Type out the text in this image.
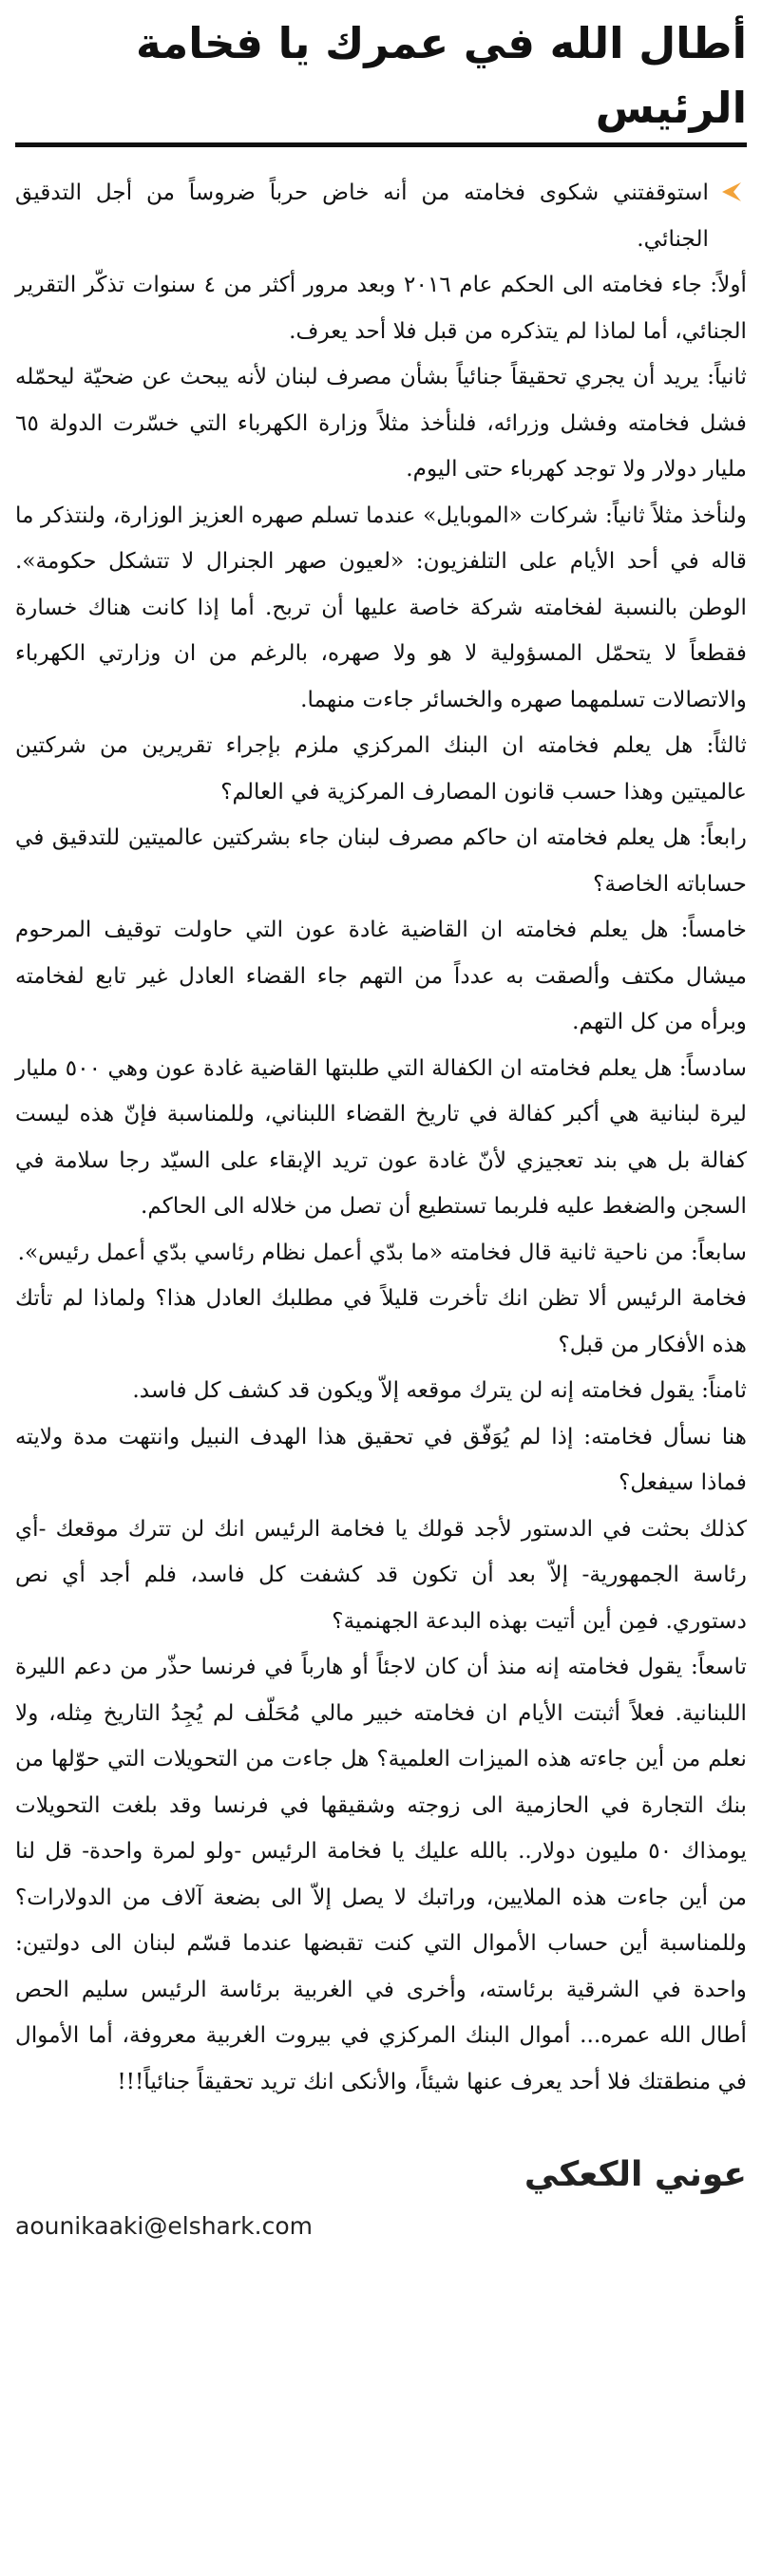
أطال الله في عمرك يا فخامة الرئيس

استوقفتني شكوى فخامته من أنه خاض حرباً ضروساً من أجل التدقيق الجنائي.

أولاً: جاء فخامته الى الحكم عام ٢٠١٦ وبعد مرور أكثر من ٤ سنوات تذكّر التقرير الجنائي، أما لماذا لم يتذكره من قبل فلا أحد يعرف.

ثانياً: يريد أن يجري تحقيقاً جنائياً بشأن مصرف لبنان لأنه يبحث عن ضحيّة ليحمّله فشل فخامته وفشل وزرائه، فلنأخذ مثلاً وزارة الكهرباء التي خسّرت الدولة ٦٥ مليار دولار ولا توجد كهرباء حتى اليوم.

ولنأخذ مثلاً ثانياً: شركات «الموبايل» عندما تسلم صهره العزيز الوزارة، ولنتذكر ما قاله في أحد الأيام على التلفزيون: «لعيون صهر الجنرال لا تتشكل حكومة». الوطن بالنسبة لفخامته شركة خاصة عليها أن تربح. أما إذا كانت هناك خسارة فقطعاً لا يتحمّل المسؤولية لا هو ولا صهره، بالرغم من ان وزارتي الكهرباء والاتصالات تسلمهما صهره والخسائر جاءت منهما.

ثالثاً: هل يعلم فخامته ان البنك المركزي ملزم بإجراء تقريرين من شركتين عالميتين وهذا حسب قانون المصارف المركزية في العالم؟

رابعاً: هل يعلم فخامته ان حاكم مصرف لبنان جاء بشركتين عالميتين للتدقيق في حساباته الخاصة؟

خامساً: هل يعلم فخامته ان القاضية غادة عون التي حاولت توقيف المرحوم ميشال مكتف وألصقت به عدداً من التهم جاء القضاء العادل غير تابع لفخامته وبرأه من كل التهم.

سادساً: هل يعلم فخامته ان الكفالة التي طلبتها القاضية غادة عون وهي ٥٠٠ مليار ليرة لبنانية هي أكبر كفالة في تاريخ القضاء اللبناني، وللمناسبة فإنّ هذه ليست كفالة بل هي بند تعجيزي لأنّ غادة عون تريد الإبقاء على السيّد رجا سلامة في السجن والضغط عليه فلربما تستطيع أن تصل من خلاله الى الحاكم.

سابعاً: من ناحية ثانية قال فخامته «ما بدّي أعمل نظام رئاسي بدّي أعمل رئيس».

فخامة الرئيس ألا تظن انك تأخرت قليلاً في مطلبك العادل هذا؟ ولماذا لم تأتك هذه الأفكار من قبل؟

ثامناً: يقول فخامته إنه لن يترك موقعه إلاّ ويكون قد كشف كل فاسد.

هنا نسأل فخامته: إذا لم يُوَفّق في تحقيق هذا الهدف النبيل وانتهت مدة ولايته فماذا سيفعل؟

كذلك بحثت في الدستور لأجد قولك يا فخامة الرئيس انك لن تترك موقعك -أي رئاسة الجمهورية- إلاّ بعد أن تكون قد كشفت كل فاسد، فلم أجد أي نص دستوري. فمِن أين أتيت بهذه البدعة الجهنمية؟

تاسعاً: يقول فخامته إنه منذ أن كان لاجئاً أو هارباً في فرنسا حذّر من دعم الليرة اللبنانية. فعلاً أثبتت الأيام ان فخامته خبير مالي مُحَلّف لم يُجِدُ التاريخ مِثله، ولا نعلم من أين جاءته هذه الميزات العلمية؟ هل جاءت من التحويلات التي حوّلها من بنك التجارة في الحازمية الى زوجته وشقيقها في فرنسا وقد بلغت التحويلات يومذاك ٥٠ مليون دولار.. بالله عليك يا فخامة الرئيس -ولو لمرة واحدة- قل لنا من أين جاءت هذه الملايين، وراتبك لا يصل إلاّ الى بضعة آلاف من الدولارات؟ وللمناسبة أين حساب الأموال التي كنت تقبضها عندما قسّم لبنان الى دولتين: واحدة في الشرقية برئاسته، وأخرى في الغربية برئاسة الرئيس سليم الحص أطال الله عمره... أموال البنك المركزي في بيروت الغربية معروفة، أما الأموال في منطقتك فلا أحد يعرف عنها شيئاً، والأنكى انك تريد تحقيقاً جنائياً!!!

عوني الكعكي
aounikaaki@elshark.com
